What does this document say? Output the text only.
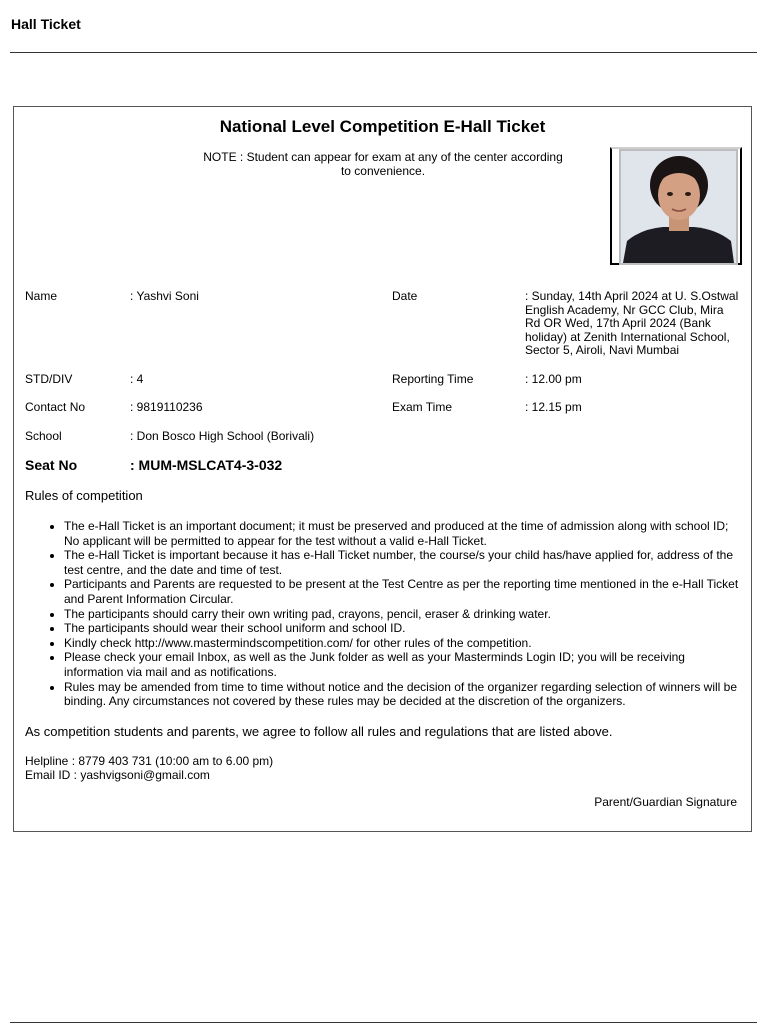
Hall Ticket
National Level Competition E-Hall Ticket
NOTE : Student can appear for exam at any of the center according to convenience.
Name	: Yashvi Soni	Date	: Sunday, 14th April 2024 at U. S.Ostwal English Academy, Nr GCC Club, Mira Rd OR Wed, 17th April 2024 (Bank holiday) at Zenith International School, Sector 5, Airoli, Navi Mumbai
STD/DIV	: 4	Reporting Time	: 12.00 pm
Contact No	: 9819110236	Exam Time	: 12.15 pm
School	: Don Bosco High School (Borivali)
Seat No	: MUM-MSLCAT4-3-032
Rules of competition
• The e-Hall Ticket is an important document; it must be preserved and produced at the time of admission along with school ID; No applicant will be permitted to appear for the test without a valid e-Hall Ticket.
• The e-Hall Ticket is important because it has e-Hall Ticket number, the course/s your child has/have applied for, address of the test centre, and the date and time of test.
• Participants and Parents are requested to be present at the Test Centre as per the reporting time mentioned in the e-Hall Ticket and Parent Information Circular.
• The participants should carry their own writing pad, crayons, pencil, eraser & drinking water.
• The participants should wear their school uniform and school ID.
• Kindly check http://www.mastermindscompetition.com/ for other rules of the competition.
• Please check your email Inbox, as well as the Junk folder as well as your Masterminds Login ID; you will be receiving information via mail and as notifications.
• Rules may be amended from time to time without notice and the decision of the organizer regarding selection of winners will be binding. Any circumstances not covered by these rules may be decided at the discretion of the organizers.
As competition students and parents, we agree to follow all rules and regulations that are listed above.
Helpline : 8779 403 731 (10:00 am to 6.00 pm)
Email ID : yashvigsoni@gmail.com
Parent/Guardian Signature
